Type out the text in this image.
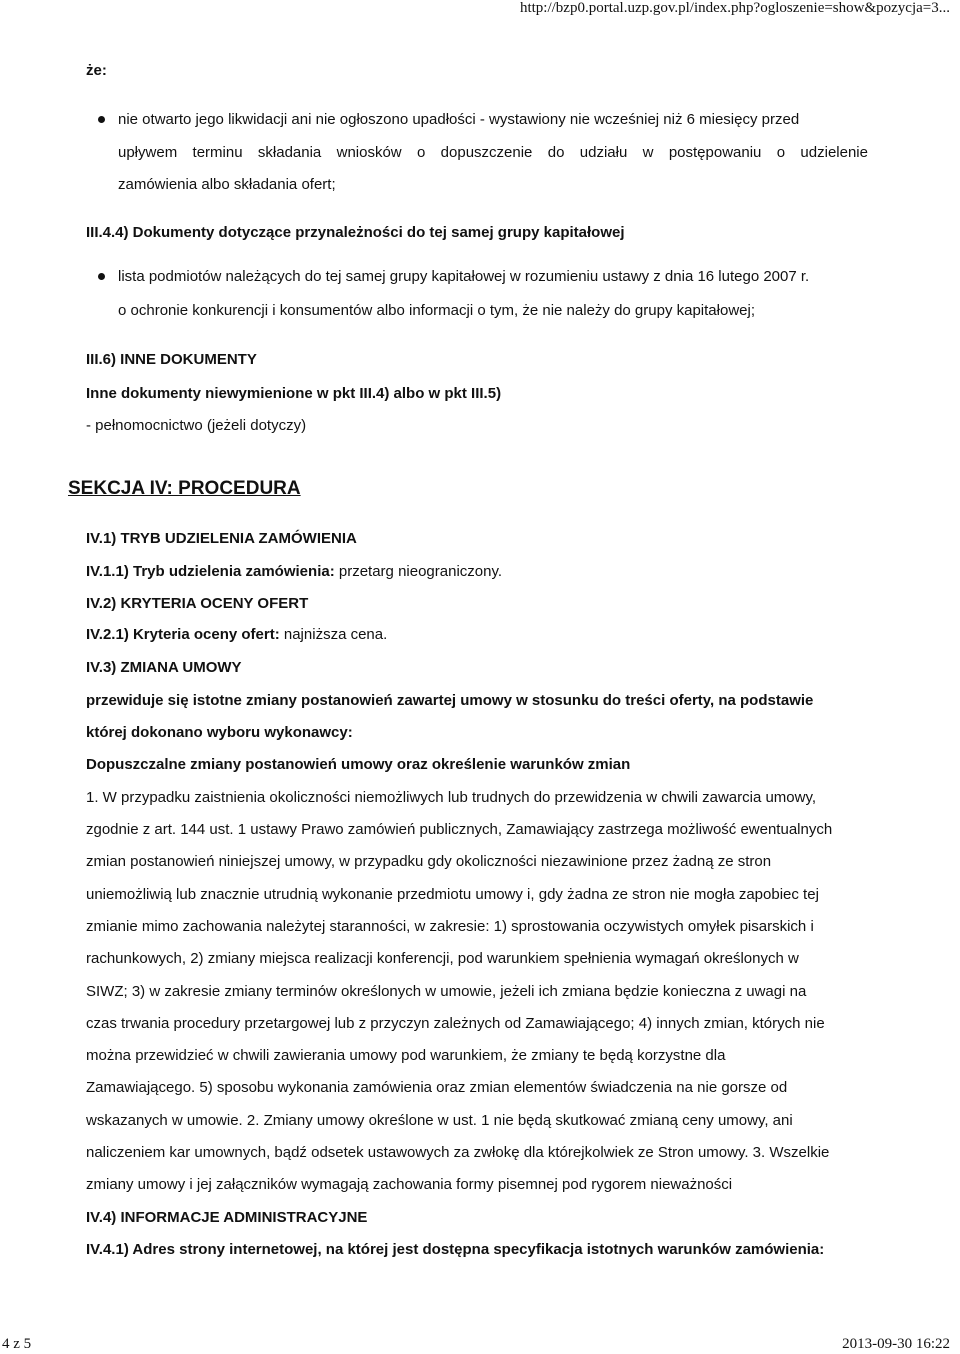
http://bzp0.portal.uzp.gov.pl/index.php?ogloszenie=show&pozycja=3...
że:
nie otwarto jego likwidacji ani nie ogłoszono upadłości - wystawiony nie wcześniej niż 6 miesięcy przed
upływem terminu składania wniosków o dopuszczenie do udziału w postępowaniu o udzielenie
zamówienia albo składania ofert;
III.4.4) Dokumenty dotyczące przynależności do tej samej grupy kapitałowej
lista podmiotów należących do tej samej grupy kapitałowej w rozumieniu ustawy z dnia 16 lutego 2007 r.
o ochronie konkurencji i konsumentów albo informacji o tym, że nie należy do grupy kapitałowej;
III.6) INNE DOKUMENTY
Inne dokumenty niewymienione w pkt III.4) albo w pkt III.5)
- pełnomocnictwo (jeżeli dotyczy)
SEKCJA IV: PROCEDURA
IV.1) TRYB UDZIELENIA ZAMÓWIENIA
IV.1.1) Tryb udzielenia zamówienia: przetarg nieograniczony.
IV.2) KRYTERIA OCENY OFERT
IV.2.1) Kryteria oceny ofert: najniższa cena.
IV.3) ZMIANA UMOWY
przewiduje się istotne zmiany postanowień zawartej umowy w stosunku do treści oferty, na podstawie
której dokonano wyboru wykonawcy:
Dopuszczalne zmiany postanowień umowy oraz określenie warunków zmian
1. W przypadku zaistnienia okoliczności niemożliwych lub trudnych do przewidzenia w chwili zawarcia umowy,
zgodnie z art. 144 ust. 1 ustawy Prawo zamówień publicznych, Zamawiający zastrzega możliwość ewentualnych
zmian postanowień niniejszej umowy, w przypadku gdy okoliczności niezawinione przez żadną ze stron
uniemożliwią lub znacznie utrudnią wykonanie przedmiotu umowy i, gdy żadna ze stron nie mogła zapobiec tej
zmianie mimo zachowania należytej staranności, w zakresie: 1) sprostowania oczywistych omyłek pisarskich i
rachunkowych, 2) zmiany miejsca realizacji konferencji, pod warunkiem spełnienia wymagań określonych w
SIWZ; 3) w zakresie zmiany terminów określonych w umowie, jeżeli ich zmiana będzie konieczna z uwagi na
czas trwania procedury przetargowej lub z przyczyn zależnych od Zamawiającego; 4) innych zmian, których nie
można przewidzieć w chwili zawierania umowy pod warunkiem, że zmiany te będą korzystne dla
Zamawiającego. 5) sposobu wykonania zamówienia oraz zmian elementów świadczenia na nie gorsze od
wskazanych w umowie. 2. Zmiany umowy określone w ust. 1 nie będą skutkować zmianą ceny umowy, ani
naliczeniem kar umownych, bądź odsetek ustawowych za zwłokę dla którejkolwiek ze Stron umowy. 3. Wszelkie
zmiany umowy i jej załączników wymagają zachowania formy pisemnej pod rygorem nieważności
IV.4) INFORMACJE ADMINISTRACYJNE
IV.4.1) Adres strony internetowej, na której jest dostępna specyfikacja istotnych warunków zamówienia:
4 z 5	2013-09-30 16:22
